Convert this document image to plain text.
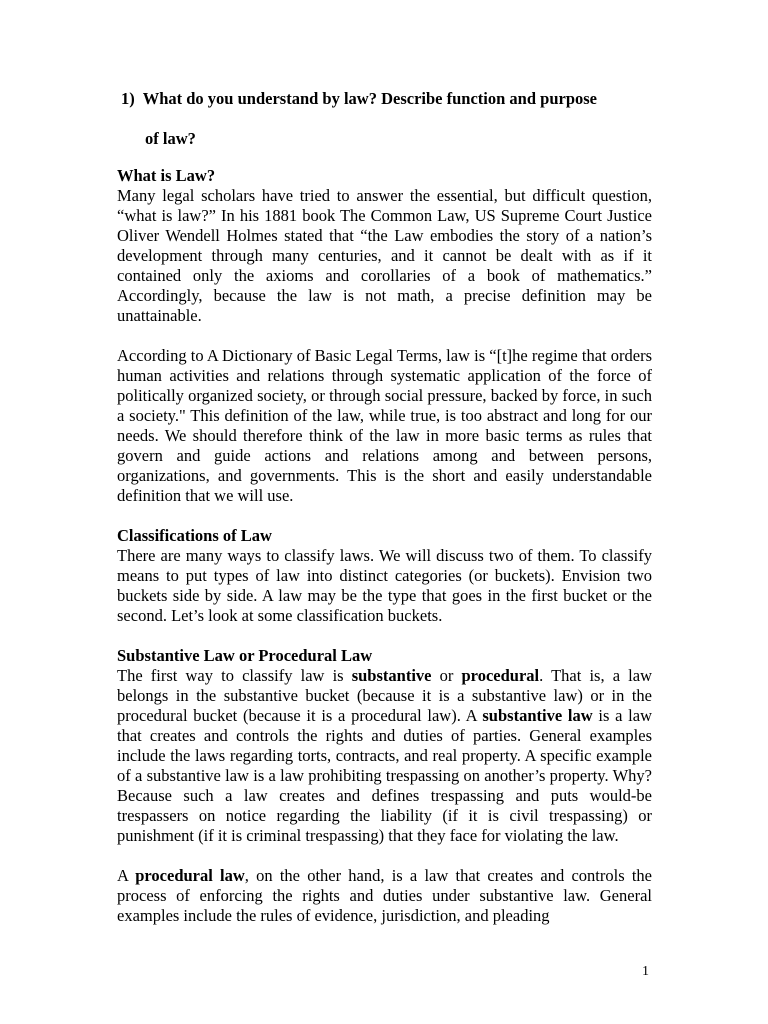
1) What do you understand by law? Describe function and purpose
of law?

What is Law?

Many legal scholars have tried to answer the essential, but difficult question, “what is law?” In his 1881 book The Common Law, US Supreme Court Justice Oliver Wendell Holmes stated that “the Law embodies the story of a nation’s development through many centuries, and it cannot be dealt with as if it contained only the axioms and corollaries of a book of mathematics.” Accordingly, because the law is not math, a precise definition may be unattainable.

According to A Dictionary of Basic Legal Terms, law is “[t]he regime that orders human activities and relations through systematic application of the force of politically organized society, or through social pressure, backed by force, in such a society." This definition of the law, while true, is too abstract and long for our needs. We should therefore think of the law in more basic terms as rules that govern and guide actions and relations among and between persons, organizations, and governments. This is the short and easily understandable definition that we will use.

Classifications of Law

There are many ways to classify laws. We will discuss two of them. To classify means to put types of law into distinct categories (or buckets). Envision two buckets side by side. A law may be the type that goes in the first bucket or the second. Let’s look at some classification buckets.

Substantive Law or Procedural Law

The first way to classify law is substantive or procedural. That is, a law belongs in the substantive bucket (because it is a substantive law) or in the procedural bucket (because it is a procedural law). A substantive law is a law that creates and controls the rights and duties of parties. General examples include the laws regarding torts, contracts, and real property. A specific example of a substantive law is a law prohibiting trespassing on another’s property. Why? Because such a law creates and defines trespassing and puts would-be trespassers on notice regarding the liability (if it is civil trespassing) or punishment (if it is criminal trespassing) that they face for violating the law.

A procedural law, on the other hand, is a law that creates and controls the process of enforcing the rights and duties under substantive law. General examples include the rules of evidence, jurisdiction, and pleading

1
